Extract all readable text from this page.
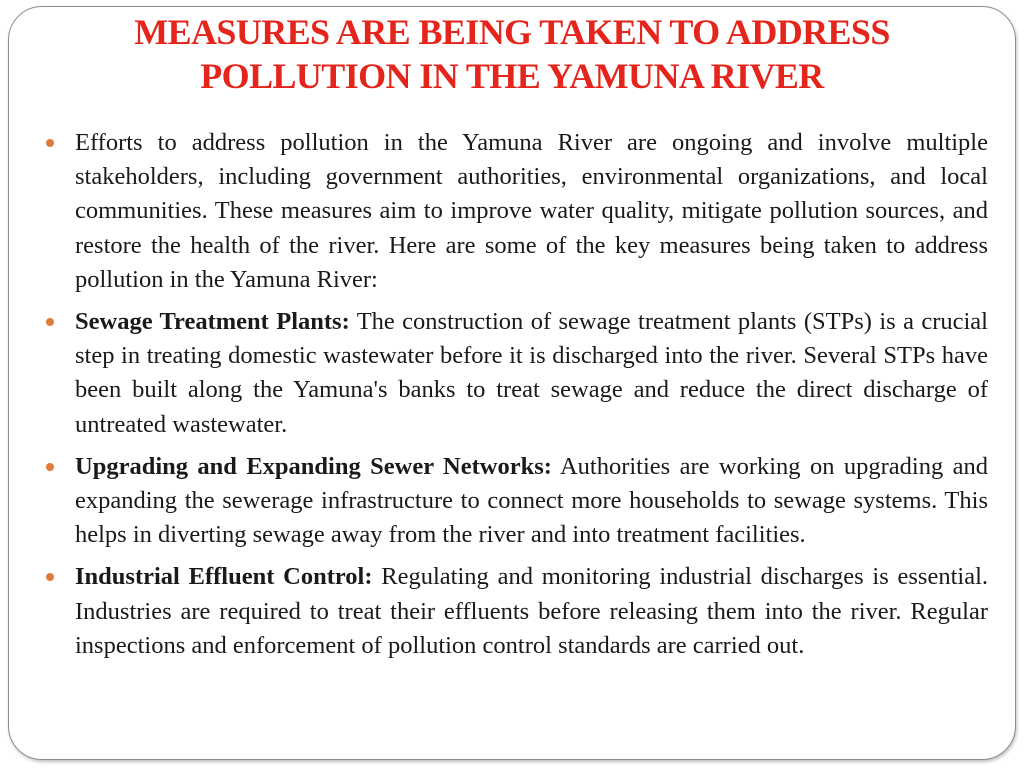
MEASURES ARE BEING TAKEN TO ADDRESS
POLLUTION IN THE YAMUNA RIVER
Efforts to address pollution in the Yamuna River are ongoing and involve multiple stakeholders, including government authorities, environmental organizations, and local communities. These measures aim to improve water quality, mitigate pollution sources, and restore the health of the river. Here are some of the key measures being taken to address pollution in the Yamuna River:
Sewage Treatment Plants: The construction of sewage treatment plants (STPs) is a crucial step in treating domestic wastewater before it is discharged into the river. Several STPs have been built along the Yamuna's banks to treat sewage and reduce the direct discharge of untreated wastewater.
Upgrading and Expanding Sewer Networks: Authorities are working on upgrading and expanding the sewerage infrastructure to connect more households to sewage systems. This helps in diverting sewage away from the river and into treatment facilities.
Industrial Effluent Control: Regulating and monitoring industrial discharges is essential. Industries are required to treat their effluents before releasing them into the river. Regular inspections and enforcement of pollution control standards are carried out.
